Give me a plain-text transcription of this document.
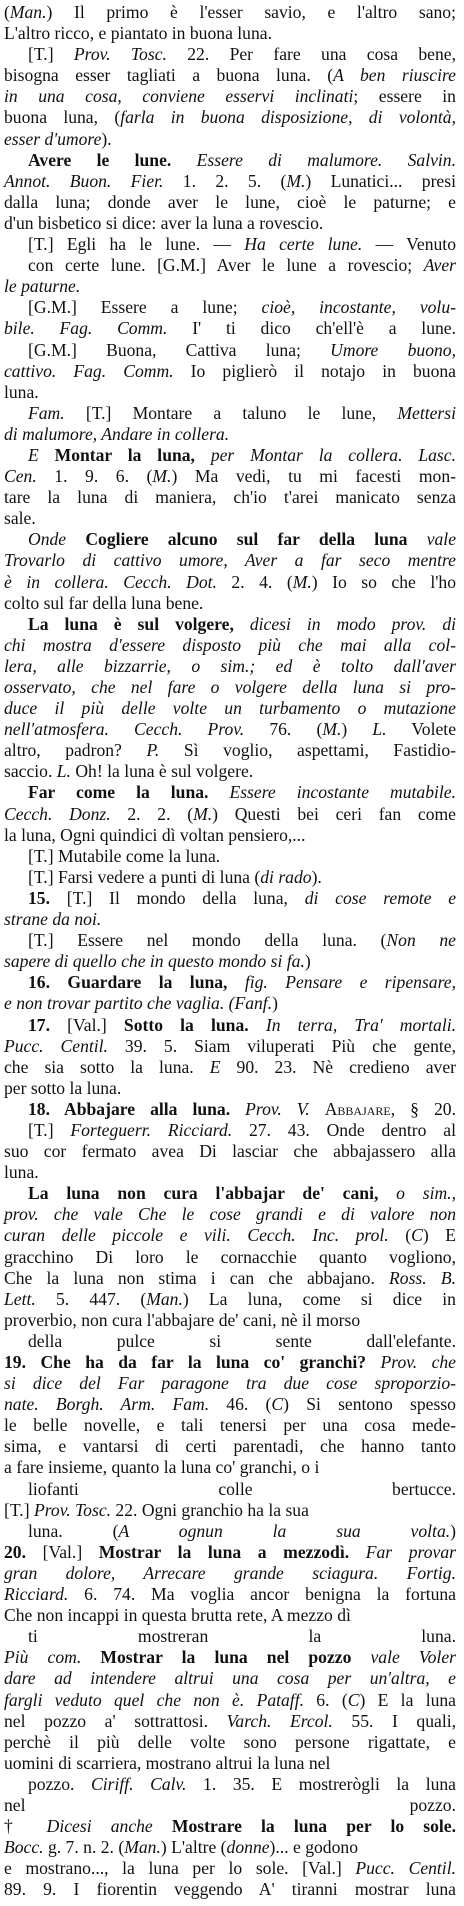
(Man.) Il primo è l'esser savio, e l'altro sano;

L'altro ricco, e piantato in buona luna.

[T.] Prov. Tosc. 22. Per fare una cosa bene,

bisogna esser tagliati a buona luna. (A ben riuscire

in una cosa, conviene esservi inclinati; essere in

buona luna, (farla in buona disposizione, di volontà,

esser d'umore).

Avere le lune. Essere di malumore. Salvin.

Annot. Buon. Fier. 1. 2. 5. (M.) Lunatici... presi

dalla luna; donde aver le lune, cioè le paturne; e

d'un bisbetico si dice: aver la luna a rovescio.

[T.] Egli ha le lune. — Ha certe lune. — Venuto

con certe lune. [G.M.] Aver le lune a rovescio; Aver

le paturne.

[G.M.] Essere a lune; cioè, incostante, volu-

bile. Fag. Comm. I' ti dico ch'ell'è a lune.

[G.M.] Buona, Cattiva luna; Umore buono,

cattivo. Fag. Comm. Io piglierò il notajo in buona

luna.

Fam. [T.] Montare a taluno le lune, Mettersi

di malumore, Andare in collera.

E Montar la luna, per Montar la collera. Lasc.

Cen. 1. 9. 6. (M.) Ma vedi, tu mi facesti mon-

tare la luna di maniera, ch'io t'arei manicato senza

sale.

Onde Cogliere alcuno sul far della luna vale

Trovarlo di cattivo umore, Aver a far seco mentre

è in collera. Cecch. Dot. 2. 4. (M.) Io so che l'ho

colto sul far della luna bene.

La luna è sul volgere, dicesi in modo prov. di

chi mostra d'essere disposto più che mai alla col-

lera, alle bizzarrie, o sim.; ed è tolto dall'aver

osservato, che nel fare o volgere della luna si pro-

duce il più delle volte un turbamento o mutazione

nell'atmosfera. Cecch. Prov. 76. (M.) L. Volete

altro, padron? P. Sì voglio, aspettami, Fastidio-

saccio. L. Oh! la luna è sul volgere.

Far come la luna. Essere incostante mutabile.

Cecch. Donz. 2. 2. (M.) Questi bei ceri fan come

la luna, Ogni quindici dì voltan pensiero,...

[T.] Mutabile come la luna.

[T.] Farsi vedere a punti di luna (di rado).

15. [T.] Il mondo della luna, di cose remote e

strane da noi.

[T.] Essere nel mondo della luna. (Non ne

sapere di quello che in questo mondo si fa.)

16. Guardare la luna, fig. Pensare e ripensare,

e non trovar partito che vaglia. (Fanf.)

17. [Val.] Sotto la luna. In terra, Tra' mortali.

Pucc. Centil. 39. 5. Siam viluperati Più che gente,

che sia sotto la luna. E 90. 23. Nè credieno aver

per sotto la luna.

18. Abbajare alla luna. Prov. V. Abbajare, § 20.

[T.] Forteguerr. Ricciard. 27. 43. Onde dentro al

suo cor fermato avea Di lasciar che abbajassero alla

luna.

La luna non cura l'abbajar de' cani, o sim.,

prov. che vale Che le cose grandi e di valore non

curan delle piccole e vili. Cecch. Inc. prol. (C) E

gracchino Di loro le cornacchie quanto vogliono,

Che la luna non stima i can che abbajano. Ross. B.

Lett. 5. 447. (Man.) La luna, come si dice in

proverbio, non cura l'abbajare de' cani, nè il morso

della pulce si sente dall'elefante.

19. Che ha da far la luna co' granchi? Prov. che

si dice del Far paragone tra due cose sproporzio-

nate. Borgh. Arm. Fam. 46. (C) Si sentono spesso

le belle novelle, e tali tenersi per una cosa mede-

sima, e vantarsi di certi parentadi, che hanno tanto

a fare insieme, quanto la luna co' granchi, o i

liofanti colle bertucce.

[T.] Prov. Tosc. 22. Ogni granchio ha la sua

luna. (A ognun la sua volta.)

20. [Val.] Mostrar la luna a mezzodì. Far provar

gran dolore, Arrecare grande sciagura. Fortig.

Ricciard. 6. 74. Ma voglia ancor benigna la fortuna

Che non incappi in questa brutta rete, A mezzo dì

ti mostreran la luna.

Più com. Mostrar la luna nel pozzo vale Voler

dare ad intendere altrui una cosa per un'altra, e

fargli veduto quel che non è. Pataff. 6. (C) E la luna

nel pozzo a' sottrattosi. Varch. Ercol. 55. I quali,

perchè il più delle volte sono persone rigattate, e

uomini di scarriera, mostrano altrui la luna nel

pozzo. Ciriff. Calv. 1. 35. E mostrerògli la luna

nel pozzo.

† Dicesi anche Mostrare la luna per lo sole.

Bocc. g. 7. n. 2. (Man.) L'altre (donne)... e godono

e mostrano..., la luna per lo sole. [Val.] Pucc. Centil.

89. 9. I fiorentin veggendo A' tiranni mostrar luna
